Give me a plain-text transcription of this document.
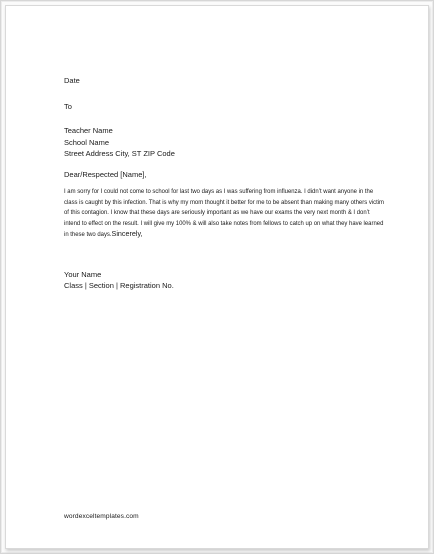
Date

To

Teacher Name

School Name

Street Address City, ST ZIP Code

Dear/Respected [Name],

I am sorry for I could not come to school for last two days as I was suffering from influenza. I didn’t want anyone in the class is caught by this infection. That is why my mom thought it better for me to be absent than making many others victim of this contagion. I know that these days are seriously important as we have our exams the very next month & I don’t intend to effect on the result. I will give my 100% & will also take notes from fellows to catch up on what they have learned in these two days.Sincerely,

Your Name

Class | Section | Registration No.

wordexceltemplates.com
